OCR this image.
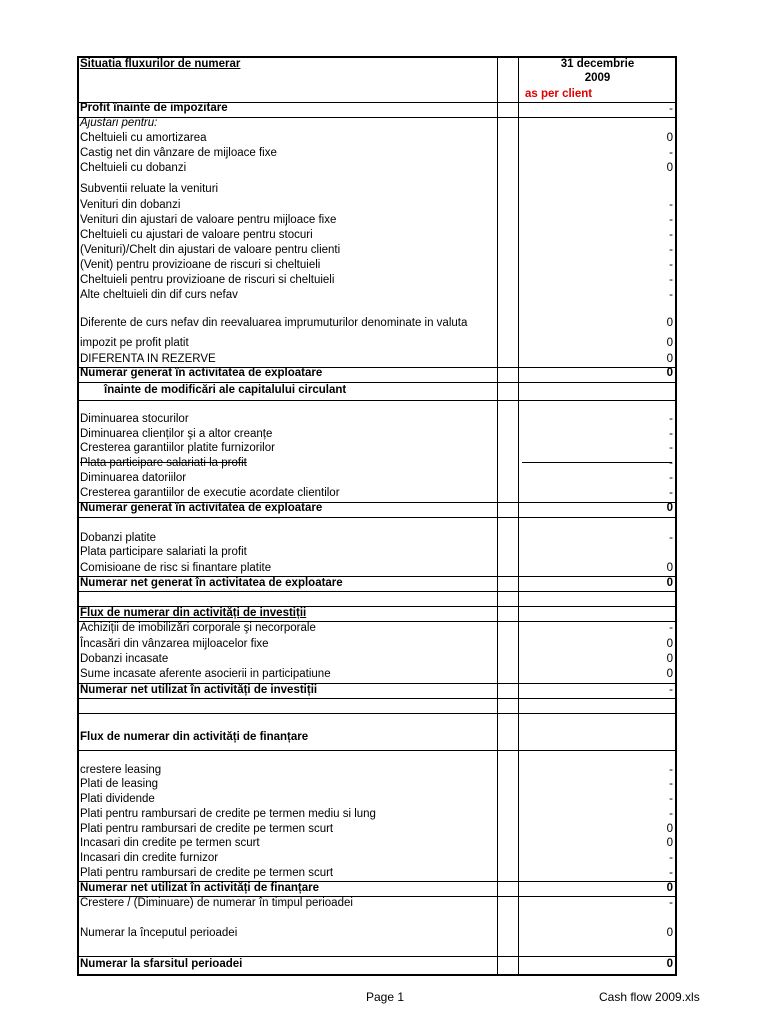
Situatia fluxurilor de numerar	31 decembrie
2009
as per client
Profit înainte de impozitare	-
Ajustari pentru:
Cheltuieli cu amortizarea	0
Castig net din vânzare de mijloace fixe	-
Cheltuieli cu dobanzi	0
Subventii reluate la venituri
Venituri din dobanzi	-
Venituri din ajustari de valoare pentru mijloace fixe	-
Cheltuieli cu ajustari de valoare pentru stocuri	-
(Venituri)/Chelt din ajustari de valoare pentru clienti	-
(Venit) pentru provizioane de riscuri si cheltuieli	-
Cheltuieli pentru provizioane de riscuri si cheltuieli	-
Alte cheltuieli din dif curs nefav	-
Diferente de curs nefav din reevaluarea imprumuturilor denominate in valuta	0
impozit pe profit platit	0
DIFERENTA IN REZERVE	0
Numerar generat în activitatea de exploatare	0
înainte de modificări ale capitalului circulant
Diminuarea stocurilor	-
Diminuarea clienților şi a altor creanțe	-
Cresterea garantiilor platite furnizorilor	-
Plata participare salariati la profit	-
Diminuarea datoriilor	-
Cresterea garantiilor de executie acordate clientilor	-
Numerar generat în activitatea de exploatare	0
Dobanzi platite	-
Plata participare salariati la profit
Comisioane de risc si finantare platite	0
Numerar net generat în activitatea de exploatare	0
Flux de numerar din activități de investiții
Achiziții de imobilizări corporale şi necorporale	-
Încasări din vânzarea mijloacelor fixe	0
Dobanzi incasate	0
Sume incasate aferente asocierii in participatiune	0
Numerar net utilizat în activități de investiții	-
Flux de numerar din activități de finanțare
crestere leasing	-
Plati de leasing	-
Plati dividende	-
Plati pentru rambursari de credite pe termen mediu si lung	-
Plati pentru rambursari de credite pe termen scurt	0
Incasari din credite pe termen scurt	0
Incasari din credite furnizor	-
Plati pentru rambursari de credite pe termen scurt	-
Numerar net utilizat în activități de finanțare	0
Crestere / (Diminuare) de numerar în timpul perioadei	-
Numerar la începutul perioadei	0
Numerar la sfarsitul perioadei	0
Page 1	Cash flow 2009.xls
